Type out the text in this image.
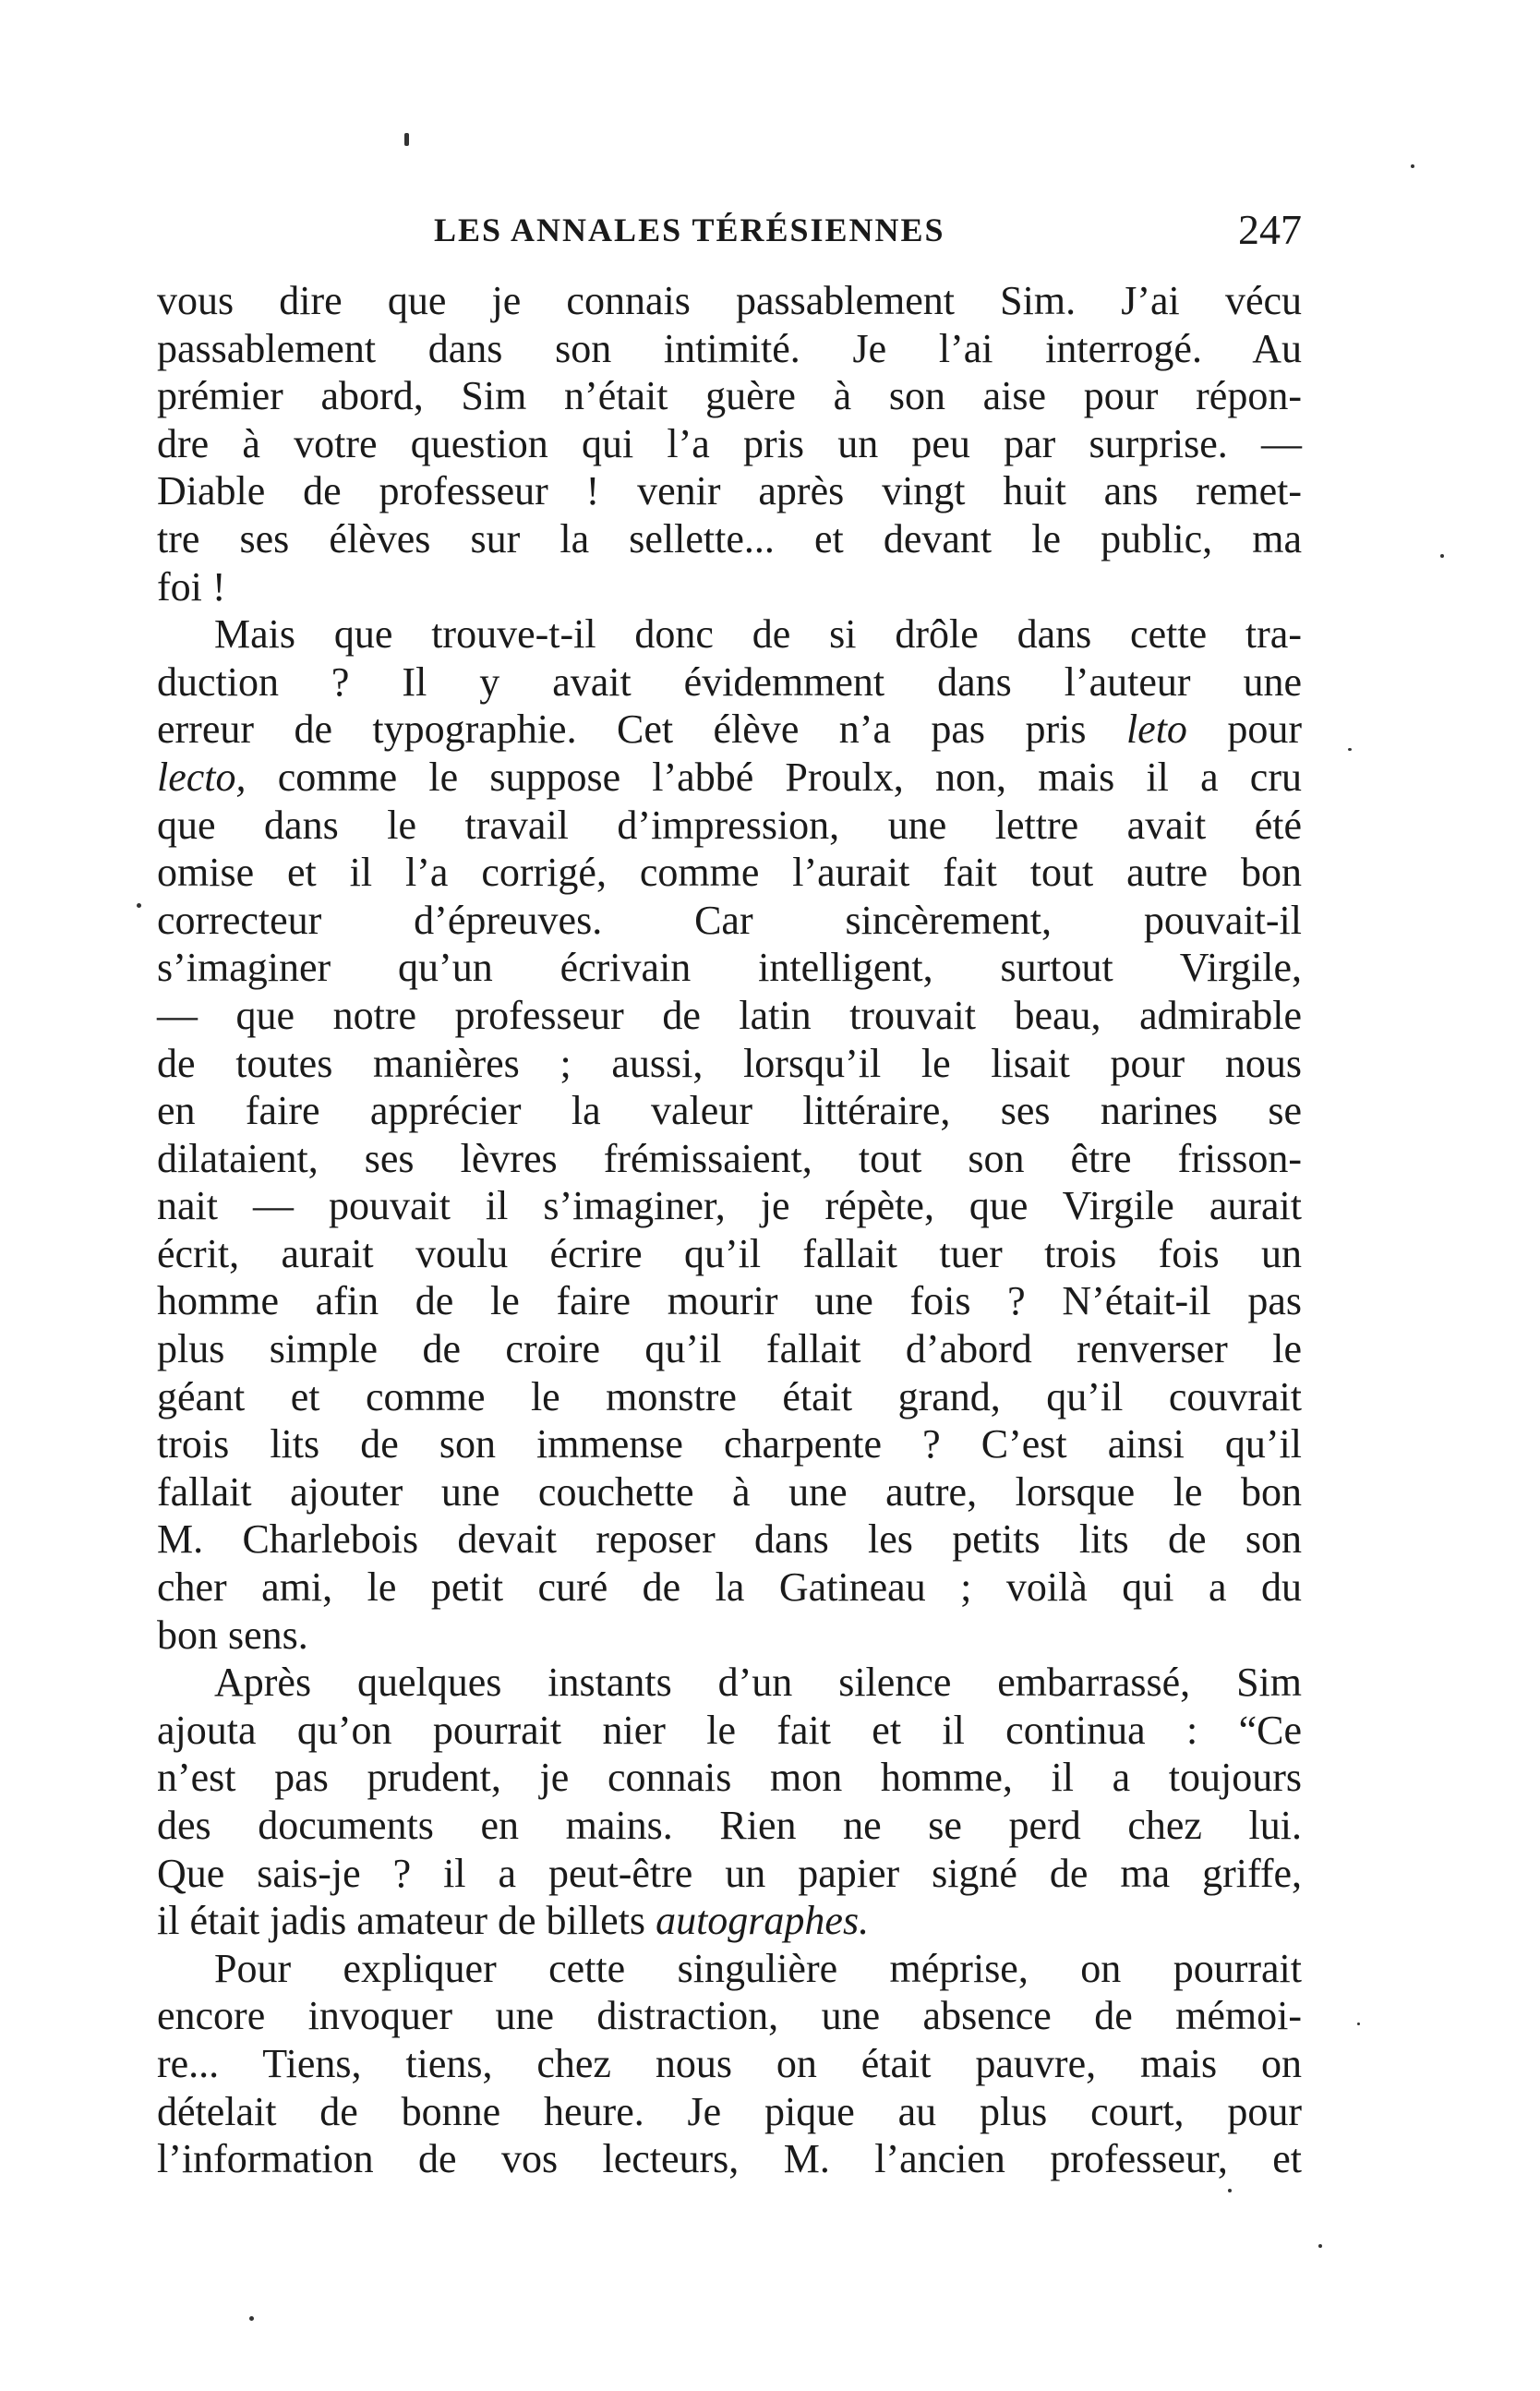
LES ANNALES TÉRÉSIENNES	247
vous dire que je connais passablement Sim. J’ai vécu
passablement dans son intimité. Je l’ai interrogé. Au
prémier abord, Sim n’était guère à son aise pour répon-
dre à votre question qui l’a pris un peu par surprise. —
Diable de professeur ! venir après vingt huit ans remet-
tre ses élèves sur la sellette... et devant le public, ma
foi !
Mais que trouve-t-il donc de si drôle dans cette tra-
duction ? Il y avait évidemment dans l’auteur une
erreur de typographie. Cet élève n’a pas pris leto pour
lecto, comme le suppose l’abbé Proulx, non, mais il a cru
que dans le travail d’impression, une lettre avait été
omise et il l’a corrigé, comme l’aurait fait tout autre bon
correcteur d’épreuves. Car sincèrement, pouvait-il
s’imaginer qu’un écrivain intelligent, surtout Virgile,
— que notre professeur de latin trouvait beau, admirable
de toutes manières ; aussi, lorsqu’il le lisait pour nous
en faire apprécier la valeur littéraire, ses narines se
dilataient, ses lèvres frémissaient, tout son être frisson-
nait — pouvait il s’imaginer, je répète, que Virgile aurait
écrit, aurait voulu écrire qu’il fallait tuer trois fois un
homme afin de le faire mourir une fois ? N’était-il pas
plus simple de croire qu’il fallait d’abord renverser le
géant et comme le monstre était grand, qu’il couvrait
trois lits de son immense charpente ? C’est ainsi qu’il
fallait ajouter une couchette à une autre, lorsque le bon
M. Charlebois devait reposer dans les petits lits de son
cher ami, le petit curé de la Gatineau ; voilà qui a du
bon sens.
Après quelques instants d’un silence embarrassé, Sim
ajouta qu’on pourrait nier le fait et il continua : “Ce
n’est pas prudent, je connais mon homme, il a toujours
des documents en mains. Rien ne se perd chez lui.
Que sais-je ? il a peut-être un papier signé de ma griffe,
il était jadis amateur de billets autographes.
Pour expliquer cette singulière méprise, on pourrait
encore invoquer une distraction, une absence de mémoi-
re... Tiens, tiens, chez nous on était pauvre, mais on
dételait de bonne heure. Je pique au plus court, pour
l’information de vos lecteurs, M. l’ancien professeur, et
